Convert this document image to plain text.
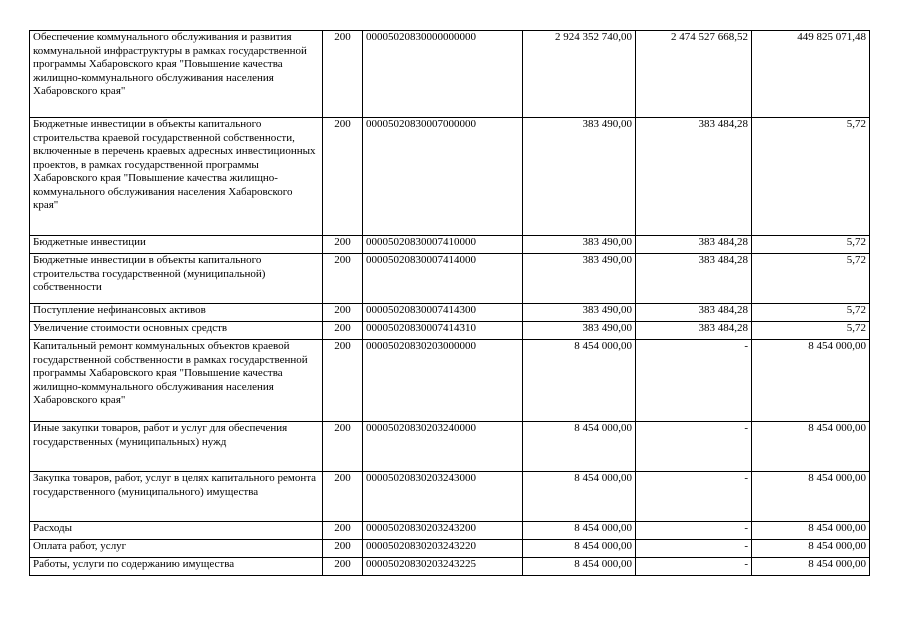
Обеспечение коммунального обслуживания и развития коммунальной инфраструктуры в рамках государственной программы Хабаровского края "Повышение качества жилищно-коммунального обслуживания населения Хабаровского края"	200	00005020830000000000	2 924 352 740,00	2 474 527 668,52	449 825 071,48
Бюджетные инвестиции в объекты капитального строительства краевой государственной собственности, включенные в перечень краевых адресных инвестиционных проектов, в рамках государственной программы Хабаровского края "Повышение качества жилищно-коммунального обслуживания населения Хабаровского края"	200	00005020830007000000	383 490,00	383 484,28	5,72
Бюджетные инвестиции	200	00005020830007410000	383 490,00	383 484,28	5,72
Бюджетные инвестиции в объекты капитального строительства государственной (муниципальной) собственности	200	00005020830007414000	383 490,00	383 484,28	5,72
Поступление нефинансовых активов	200	00005020830007414300	383 490,00	383 484,28	5,72
Увеличение стоимости основных средств	200	00005020830007414310	383 490,00	383 484,28	5,72
Капитальный ремонт коммунальных объектов краевой государственной собственности в рамках государственной программы Хабаровского края "Повышение качества жилищно-коммунального обслуживания населения Хабаровского края"	200	00005020830203000000	8 454 000,00	-	8 454 000,00
Иные закупки товаров, работ и услуг для обеспечения государственных (муниципальных) нужд	200	00005020830203240000	8 454 000,00	-	8 454 000,00
Закупка товаров, работ, услуг в целях капитального ремонта государственного (муниципального) имущества	200	00005020830203243000	8 454 000,00	-	8 454 000,00
Расходы	200	00005020830203243200	8 454 000,00	-	8 454 000,00
Оплата работ, услуг	200	00005020830203243220	8 454 000,00	-	8 454 000,00
Работы, услуги по содержанию имущества	200	00005020830203243225	8 454 000,00	-	8 454 000,00
